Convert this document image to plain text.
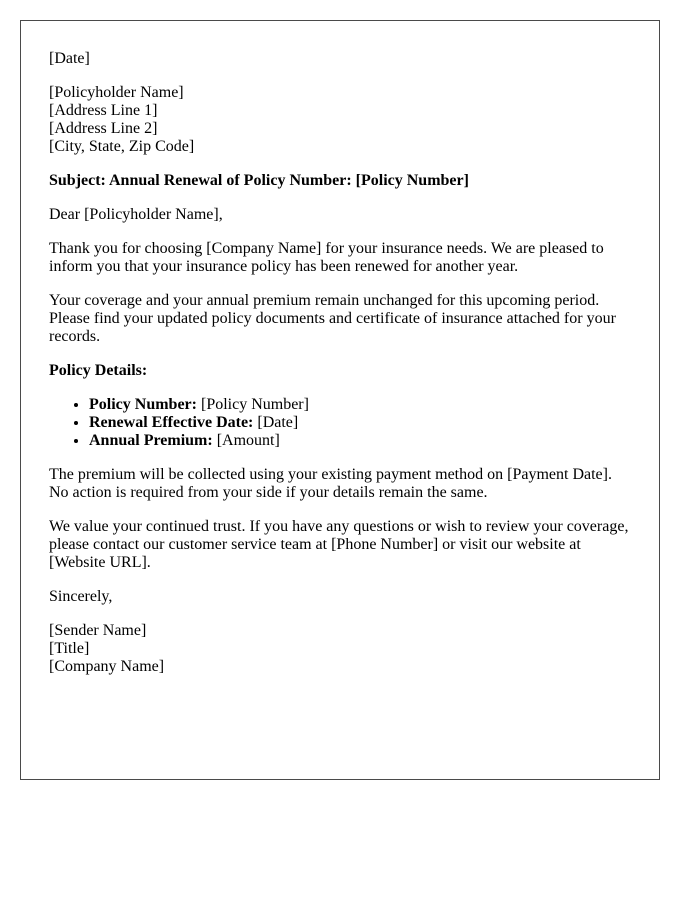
[Date]
[Policyholder Name]
[Address Line 1]
[Address Line 2]
[City, State, Zip Code]
Subject: Annual Renewal of Policy Number: [Policy Number]
Dear [Policyholder Name],
Thank you for choosing [Company Name] for your insurance needs. We are pleased to
inform you that your insurance policy has been renewed for another year.
Your coverage and your annual premium remain unchanged for this upcoming period.
Please find your updated policy documents and certificate of insurance attached for your
records.
Policy Details:
• Policy Number: [Policy Number]
• Renewal Effective Date: [Date]
• Annual Premium: [Amount]
The premium will be collected using your existing payment method on [Payment Date].
No action is required from your side if your details remain the same.
We value your continued trust. If you have any questions or wish to review your coverage,
please contact our customer service team at [Phone Number] or visit our website at
[Website URL].
Sincerely,
[Sender Name]
[Title]
[Company Name]
